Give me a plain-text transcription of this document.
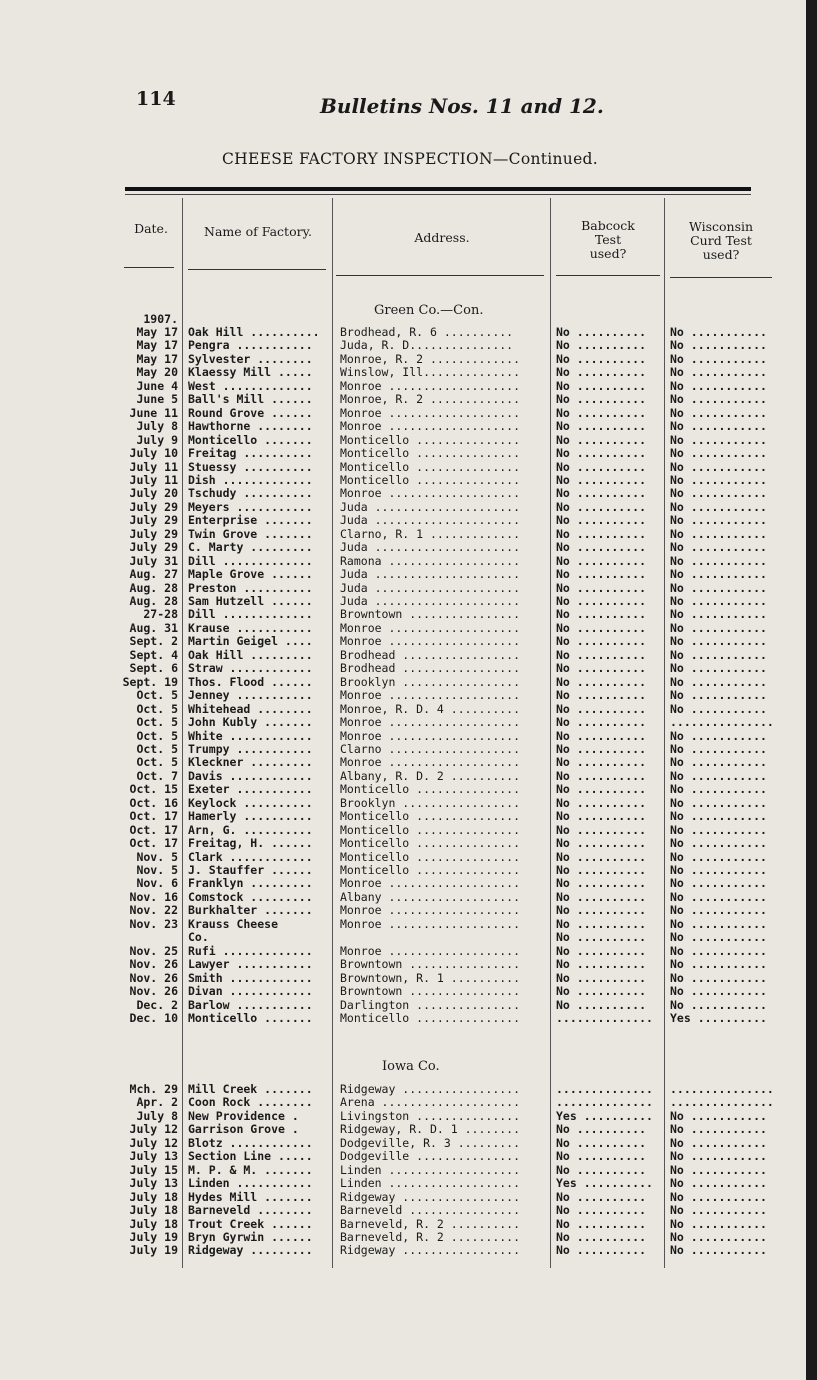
114	Bulletins Nos. 11 and 12.
CHEESE FACTORY INSPECTION—Continued.
Date.	Name of Factory.	Address.
Babcock
Test
used?
Wisconsin
Curd Test
used?
Green Co.—Con.
1907.
Iowa Co.
May 17 Oak Hill ..........	Brodhead, R. 6 ..........	No ..........	No ...........
May 17 Pengra ...........	Juda, R. D...............	No ..........	No ...........
May 17 Sylvester ........	Monroe, R. 2 .............	No ..........	No ...........
May 20 Klaessy Mill .....	Winslow, Ill..............	No ..........	No ...........
June 4 West .............	Monroe ...................	No ..........	No ...........
June 5 Ball's Mill ......	Monroe, R. 2 .............	No ..........	No ...........
June 11 Round Grove ......	Monroe ...................	No ..........	No ...........
July 8 Hawthorne ........	Monroe ...................	No ..........	No ...........
July 9 Monticello .......	Monticello ...............	No ..........	No ...........
July 10 Freitag ..........	Monticello ...............	No ..........	No ...........
July 11 Stuessy ..........	Monticello ...............	No ..........	No ...........
July 11 Dish .............	Monticello ...............	No ..........	No ...........
July 20 Tschudy ..........	Monroe ...................	No ..........	No ...........
July 29 Meyers ...........	Juda .....................	No ..........	No ...........
July 29 Enterprise .......	Juda .....................	No ..........	No ...........
July 29 Twin Grove .......	Clarno, R. 1 .............	No ..........	No ...........
July 29 C. Marty .........	Juda .....................	No ..........	No ...........
July 31 Dill .............	Ramona ...................	No ..........	No ...........
Aug. 27 Maple Grove ......	Juda .....................	No ..........	No ...........
Aug. 28 Preston ..........	Juda .....................	No ..........	No ...........
Aug. 28 Sam Hutzell ......	Juda .....................	No ..........	No ...........
27-28 Dill .............	Browntown ................	No ..........	No ...........
Aug. 31 Krause ...........	Monroe ...................	No ..........	No ...........
Sept. 2 Martin Geigel ....	Monroe ...................	No ..........	No ...........
Sept. 4 Oak Hill .........	Brodhead .................	No ..........	No ...........
Sept. 6 Straw ............	Brodhead .................	No ..........	No ...........
Sept. 19 Thos. Flood ......	Brooklyn .................	No ..........	No ...........
Oct. 5 Jenney ...........	Monroe ...................	No ..........	No ...........
Oct. 5 Whitehead ........	Monroe, R. D. 4 ..........	No ..........	No ...........
Oct. 5 John Kubly .......	Monroe ...................	No ..........	...............
Oct. 5 White ............	Monroe ...................	No ..........	No ...........
Oct. 5 Trumpy ...........	Clarno ...................	No ..........	No ...........
Oct. 5 Kleckner .........	Monroe ...................	No ..........	No ...........
Oct. 7 Davis ............	Albany, R. D. 2 ..........	No ..........	No ...........
Oct. 15 Exeter ...........	Monticello ...............	No ..........	No ...........
Oct. 16 Keylock ..........	Brooklyn .................	No ..........	No ...........
Oct. 17 Hamerly ..........	Monticello ...............	No ..........	No ...........
Oct. 17 Arn, G. ..........	Monticello ...............	No ..........	No ...........
Oct. 17 Freitag, H. ......	Monticello ...............	No ..........	No ...........
Nov. 5 Clark ............	Monticello ...............	No ..........	No ...........
Nov. 5 J. Stauffer ......	Monticello ...............	No ..........	No ...........
Nov. 6 Franklyn .........	Monroe ...................	No ..........	No ...........
Nov. 16 Comstock .........	Albany ...................	No ..........	No ...........
Nov. 22 Burkhalter .......	Monroe ...................	No ..........	No ...........
Nov. 23 Krauss Cheese	Monroe ...................	No ..........	No ...........
Co.	No ..........	No ...........
Nov. 25 Rufi .............	Monroe ...................	No ..........	No ...........
Nov. 26 Lawyer ...........	Browntown ................	No ..........	No ...........
Nov. 26 Smith ............	Browntown, R. 1 ..........	No ..........	No ...........
Nov. 26 Divan ............	Browntown ................	No ..........	No ...........
Dec. 2 Barlow ...........	Darlington ...............	No ..........	No ...........
Dec. 10 Monticello .......	Monticello ...............	..............	Yes ..........
Mch. 29 Mill Creek .......	Ridgeway .................	..............	...............
Apr. 2 Coon Rock ........	Arena ....................	..............	...............
July 8 New Providence .	Livingston ...............	Yes ..........	No ...........
July 12 Garrison Grove .	Ridgeway, R. D. 1 ........	No ..........	No ...........
July 12 Blotz ............	Dodgeville, R. 3 .........	No ..........	No ...........
July 13 Section Line .....	Dodgeville ...............	No ..........	No ...........
July 15 M. P. & M. .......	Linden ...................	No ..........	No ...........
July 13 Linden ...........	Linden ...................	Yes ..........	No ...........
July 18 Hydes Mill .......	Ridgeway .................	No ..........	No ...........
July 18 Barneveld ........	Barneveld ................	No ..........	No ...........
July 18 Trout Creek ......	Barneveld, R. 2 ..........	No ..........	No ...........
July 19 Bryn Gyrwin ......	Barneveld, R. 2 ..........	No ..........	No ...........
July 19 Ridgeway .........	Ridgeway .................	No ..........	No ...........
